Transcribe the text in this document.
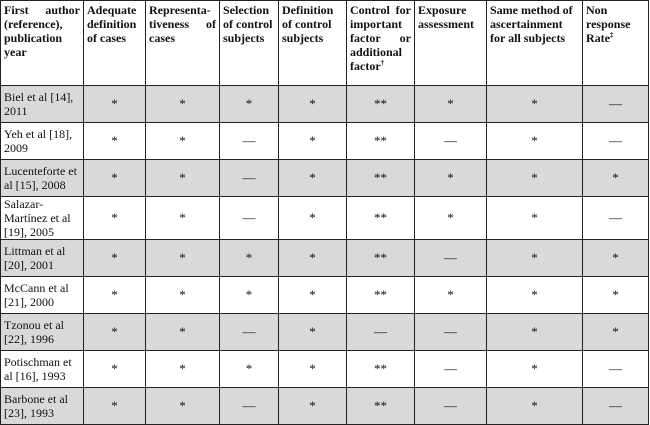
First author (reference), publication year	Adequate definition of cases	Representa-tiveness of cases	Selection of control subjects	Definition of control subjects	Control for important factor or additional factor†	Exposure assessment	Same method of ascertainment for all subjects	Non response Rate‡
Biel et al [14], 2011	*	*	*	*	**	*	*	—
Yeh et al [18], 2009	*	*	—	*	**	—	*	—
Lucenteforte et al [15], 2008	*	*	—	*	**	*	*	*
Salazar-Martínez et al [19], 2005	*	*	—	*	**	*	*	—
Littman et al [20], 2001	*	*	*	*	**	—	*	*
McCann et al [21], 2000	*	*	*	*	**	*	*	*
Tzonou et al [22], 1996	*	*	—	*	—	—	*	*
Potischman et al [16], 1993	*	*	*	*	**	—	*	—
Barbone et al [23], 1993	*	*	—	*	**	—	*	—
